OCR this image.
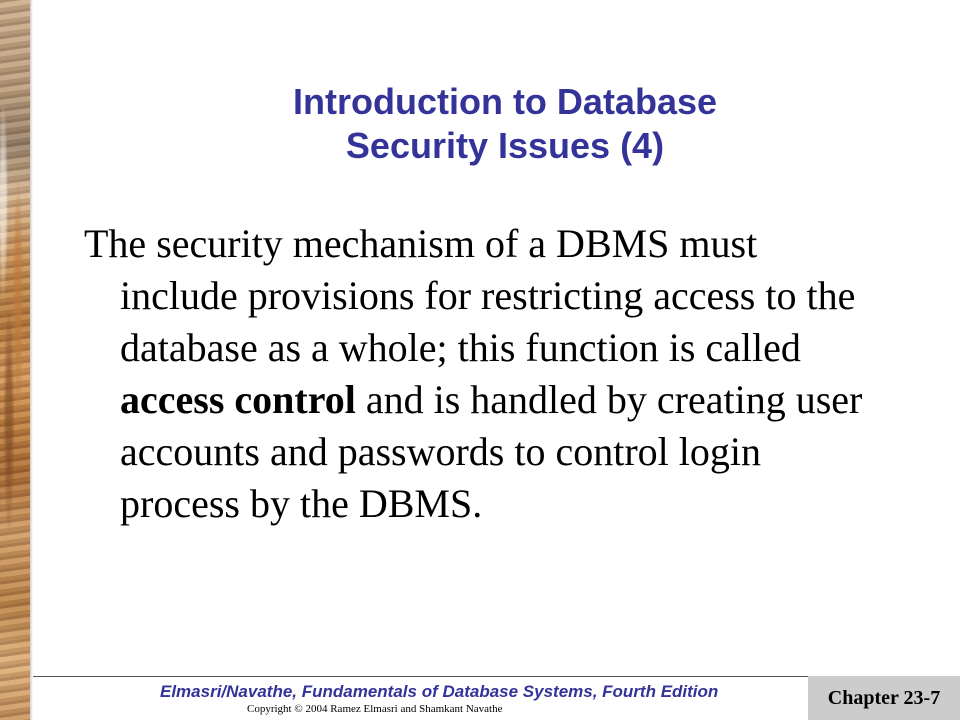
Introduction to Database
Security Issues (4)

The security mechanism of a DBMS must include provisions for restricting access to the database as a whole; this function is called access control and is handled by creating user accounts and passwords to control login process by the DBMS.

Elmasri/Navathe, Fundamentals of Database Systems, Fourth Edition
Copyright © 2004 Ramez Elmasri and Shamkant Navathe
Chapter 23-7
